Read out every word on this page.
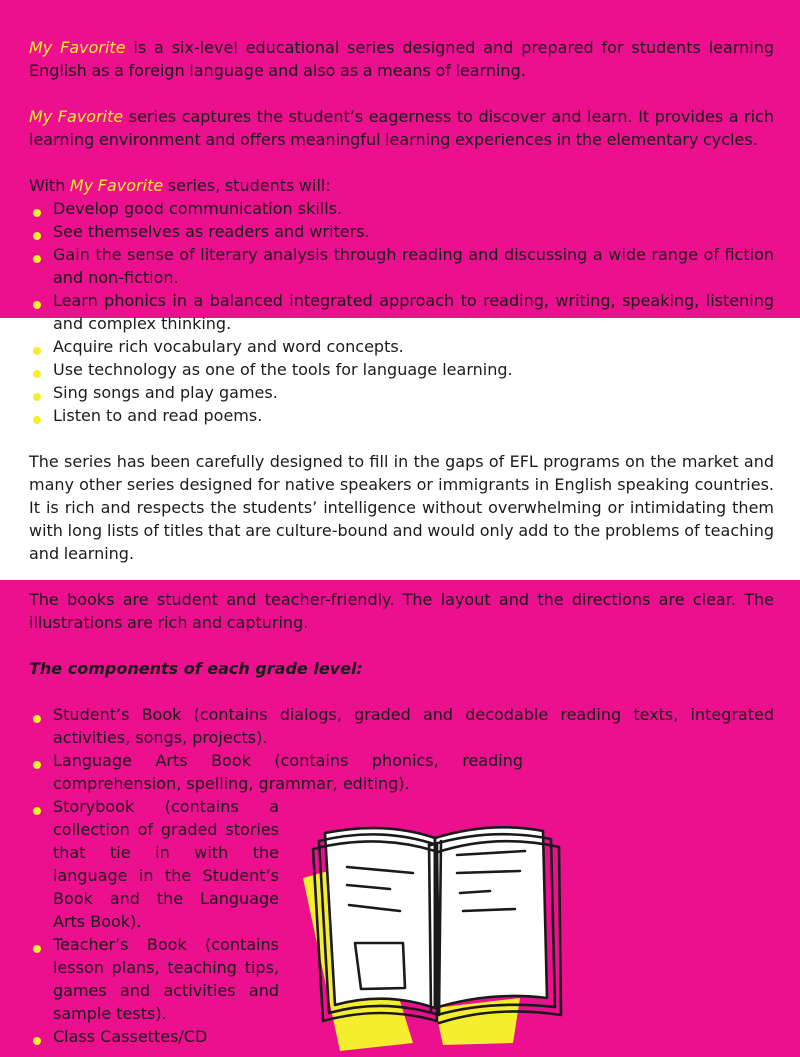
My Favorite is a six-level educational series designed and prepared for students learning English as a foreign language and also as a means of learning.

My Favorite series captures the student’s eagerness to discover and learn. It provides a rich learning environment and offers meaningful learning experiences in the elementary cycles.

With My Favorite series, students will:

Develop good communication skills.
See themselves as readers and writers.
Gain the sense of literary analysis through reading and discussing a wide range of fiction and non-fiction.
Learn phonics in a balanced integrated approach to reading, writing, speaking, listening and complex thinking.
Acquire rich vocabulary and word concepts.
Use technology as one of the tools for language learning.
Sing songs and play games.
Listen to and read poems.

The series has been carefully designed to fill in the gaps of EFL programs on the market and many other series designed for native speakers or immigrants in English speaking countries. It is rich and respects the students’ intelligence without overwhelming or intimidating them with long lists of titles that are culture-bound and would only add to the problems of teaching and learning.

The books are student and teacher-friendly. The layout and the directions are clear. The illustrations are rich and capturing.

The components of each grade level:

Student’s Book (contains dialogs, graded and decodable reading texts, integrated activities, songs, projects).
Language Arts Book (contains phonics, reading comprehension, spelling, grammar, editing).
Storybook (contains a collection of graded stories that tie in with the language in the Student’s Book and the Language Arts Book).
Teacher’s Book (contains lesson plans, teaching tips, games and activities and sample tests).
Class Cassettes/CD
